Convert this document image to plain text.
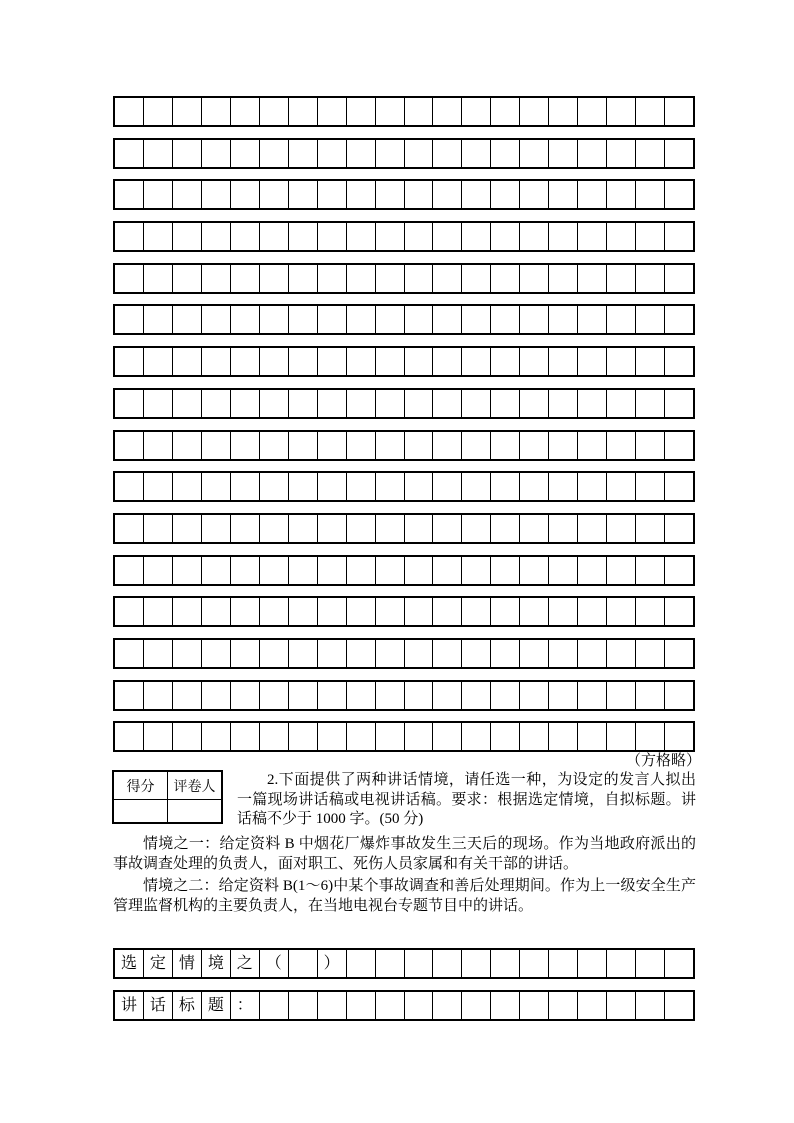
（方格略）
得分	评卷人
		2.下面提供了两种讲话情境，请任选一种，为设定的发言人拟出一篇现场讲话稿或电视讲话稿。要求：根据选定情境，自拟标题。讲话稿不少于 1000 字。(50 分)
情境之一：给定资料 B 中烟花厂爆炸事故发生三天后的现场。作为当地政府派出的事故调查处理的负责人，面对职工、死伤人员家属和有关干部的讲话。
情境之二：给定资料 B(1～6)中某个事故调查和善后处理期间。作为上一级安全生产管理监督机构的主要负责人，在当地电视台专题节目中的讲话。
选 定 情 境 之 （	）
讲 话 标 题 ：
